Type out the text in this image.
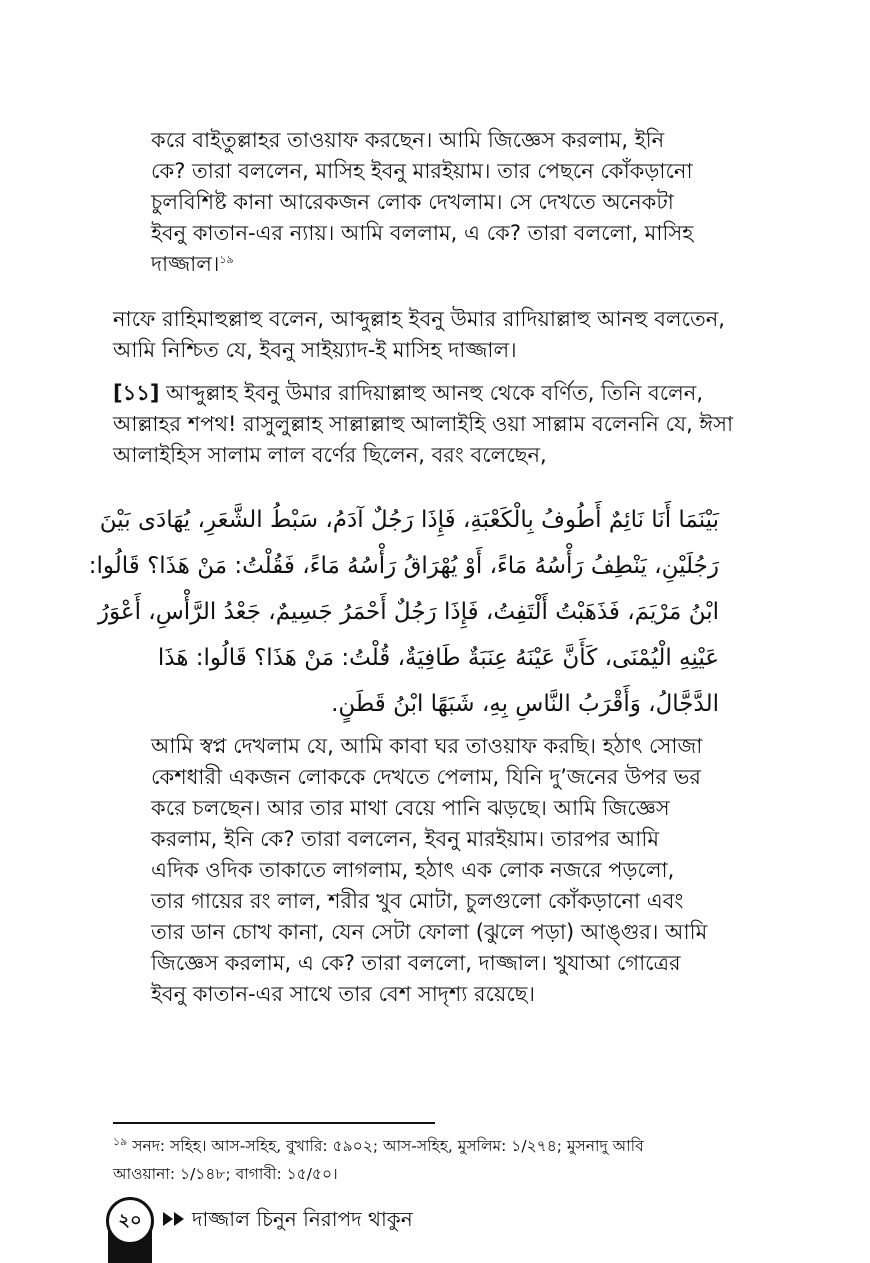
করে বাইতুল্লাহর তাওয়াফ করছেন। আমি জিজ্ঞেস করলাম, ইনি
কে? তারা বললেন, মাসিহ ইবনু মারইয়াম। তার পেছনে কোঁকড়ানো
চুলবিশিষ্ট কানা আরেকজন লোক দেখলাম। সে দেখতে অনেকটা
ইবনু কাতান-এর ন্যায়। আমি বললাম, এ কে? তারা বললো, মাসিহ
দাজ্জাল।$^{১৯}$
নাফে রাহিমাহুল্লাহু বলেন, আব্দুল্লাহ ইবনু উমার রাদিয়াল্লাহু আনহু বলতেন,
আমি নিশ্চিত যে, ইবনু সাইয়্যাদ-ই মাসিহ দাজ্জাল।
[১১] আব্দুল্লাহ ইবনু উমার রাদিয়াল্লাহু আনহু থেকে বর্ণিত, তিনি বলেন,
আল্লাহর শপথ! রাসুলুল্লাহ সাল্লাল্লাহু আলাইহি ওয়া সাল্লাম বলেননি যে, ঈসা
আলাইহিস সালাম লাল বর্ণের ছিলেন, বরং বলেছেন,
بَيْنَمَا أَنَا نَائِمٌ أَطُوفُ بِالْكَعْبَةِ، فَإِذَا رَجُلٌ آدَمُ، سَبْطُ الشَّعَرِ، يُهَادَى بَيْنَ
رَجُلَيْنِ، يَنْطِفُ رَأْسُهُ مَاءً، أَوْ يُهْرَاقُ رَأْسُهُ مَاءً، فَقُلْتُ: مَنْ هَذَا؟ قَالُوا:
ابْنُ مَرْيَمَ، فَذَهَبْتُ أَلْتَفِتُ، فَإِذَا رَجُلٌ أَحْمَرُ جَسِيمٌ، جَعْدُ الرَّأْسِ، أَعْوَرُ
عَيْنِهِ الْيُمْنَى، كَأَنَّ عَيْنَهُ عِنَبَةٌ طَافِيَةٌ، قُلْتُ: مَنْ هَذَا؟ قَالُوا: هَذَا
الدَّجَّالُ، وَأَقْرَبُ النَّاسِ بِهِ، شَبَهًا ابْنُ قَطَنٍ.
আমি স্বপ্ন দেখলাম যে, আমি কাবা ঘর তাওয়াফ করছি। হঠাৎ সোজা
কেশধারী একজন লোককে দেখতে পেলাম, যিনি দু’জনের উপর ভর
করে চলছেন। আর তার মাথা বেয়ে পানি ঝড়ছে। আমি জিজ্ঞেস
করলাম, ইনি কে? তারা বললেন, ইবনু মারইয়াম। তারপর আমি
এদিক ওদিক তাকাতে লাগলাম, হঠাৎ এক লোক নজরে পড়লো,
তার গায়ের রং লাল, শরীর খুব মোটা, চুলগুলো কোঁকড়ানো এবং
তার ডান চোখ কানা, যেন সেটা ফোলা (ঝুলে পড়া) আঙ্গুর। আমি
জিজ্ঞেস করলাম, এ কে? তারা বললো, দাজ্জাল। খুযাআ গোত্রের
ইবনু কাতান-এর সাথে তার বেশ সাদৃশ্য রয়েছে।
$^{১৯}$ সনদ: সহিহ। আস-সহিহ, বুখারি: ৫৯০২; আস-সহিহ, মুসলিম: ১/২৭৪; মুসনাদু আবি
আওয়ানা: ১/১৪৮; বাগাবী: ১৫/৫০।
২০	দাজ্জাল চিনুন নিরাপদ থাকুন
